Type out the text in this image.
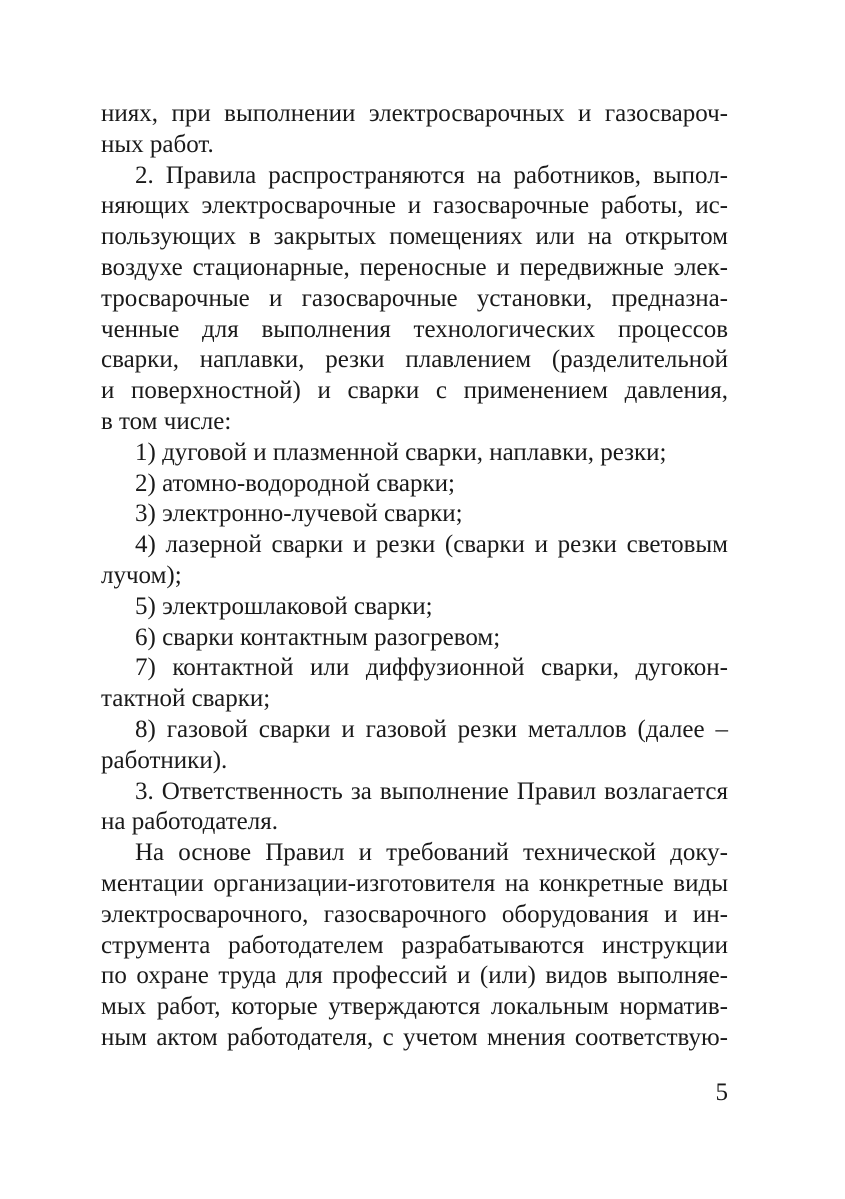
ниях, при выполнении электросварочных и газосвароч-
ных работ.
2. Правила распространяются на работников, выпол-
няющих электросварочные и газосварочные работы, ис-
пользующих в закрытых помещениях или на открытом
воздухе стационарные, переносные и передвижные элек-
тросварочные и газосварочные установки, предназна-
ченные для выполнения технологических процессов
сварки, наплавки, резки плавлением (разделительной
и поверхностной) и сварки с применением давления,
в том числе:
1) дуговой и плазменной сварки, наплавки, резки;
2) атомно-водородной сварки;
3) электронно-лучевой сварки;
4) лазерной сварки и резки (сварки и резки световым
лучом);
5) электрошлаковой сварки;
6) сварки контактным разогревом;
7) контактной или диффузионной сварки, дугокон-
тактной сварки;
8) газовой сварки и газовой резки металлов (далее –
работники).
3. Ответственность за выполнение Правил возлагается
на работодателя.
На основе Правил и требований технической доку-
ментации организации-изготовителя на конкретные виды
электросварочного, газосварочного оборудования и ин-
струмента работодателем разрабатываются инструкции
по охране труда для профессий и (или) видов выполняе-
мых работ, которые утверждаются локальным норматив-
ным актом работодателя, с учетом мнения соответствую-
5
